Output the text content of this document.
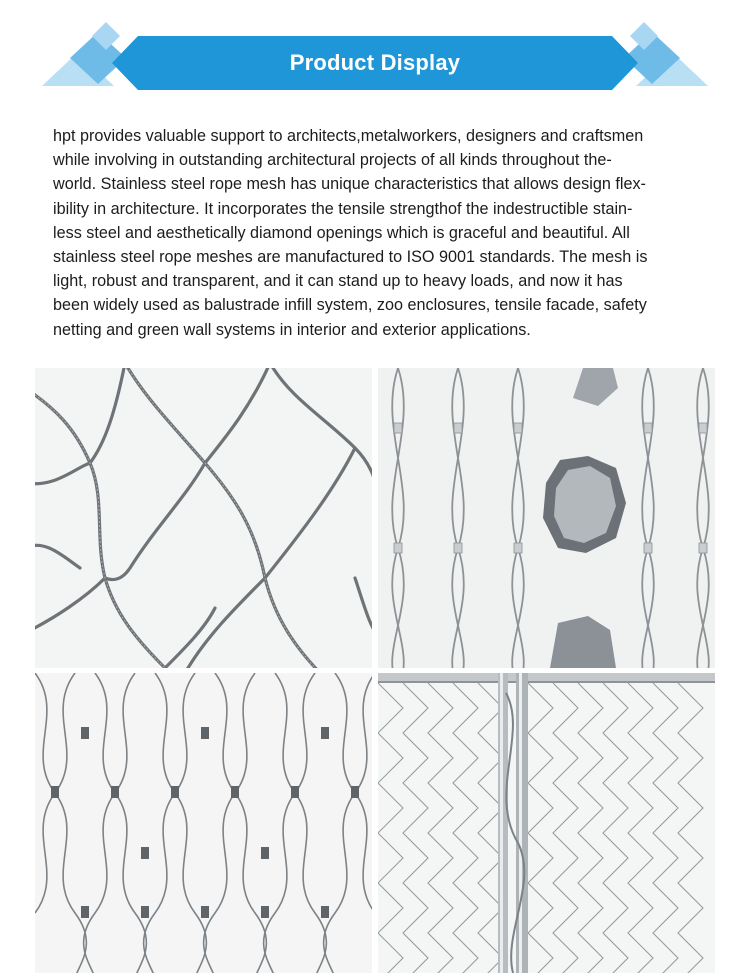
Product Display

hpt provides valuable support to architects,metalworkers, designers and craftsmen
while involving in outstanding architectural projects of all kinds throughout the-
world. Stainless steel rope mesh has unique characteristics that allows design flex-
ibility in architecture. It incorporates the tensile strengthof the indestructible stain-
less steel and aesthetically diamond openings which is graceful and beautiful. All
stainless steel rope meshes are manufactured to ISO 9001 standards. The mesh is
light, robust and transparent, and it can stand up to heavy loads, and now it has
been widely used as balustrade infill system, zoo enclosures, tensile facade, safety
netting and green wall systems in interior and exterior applications.
